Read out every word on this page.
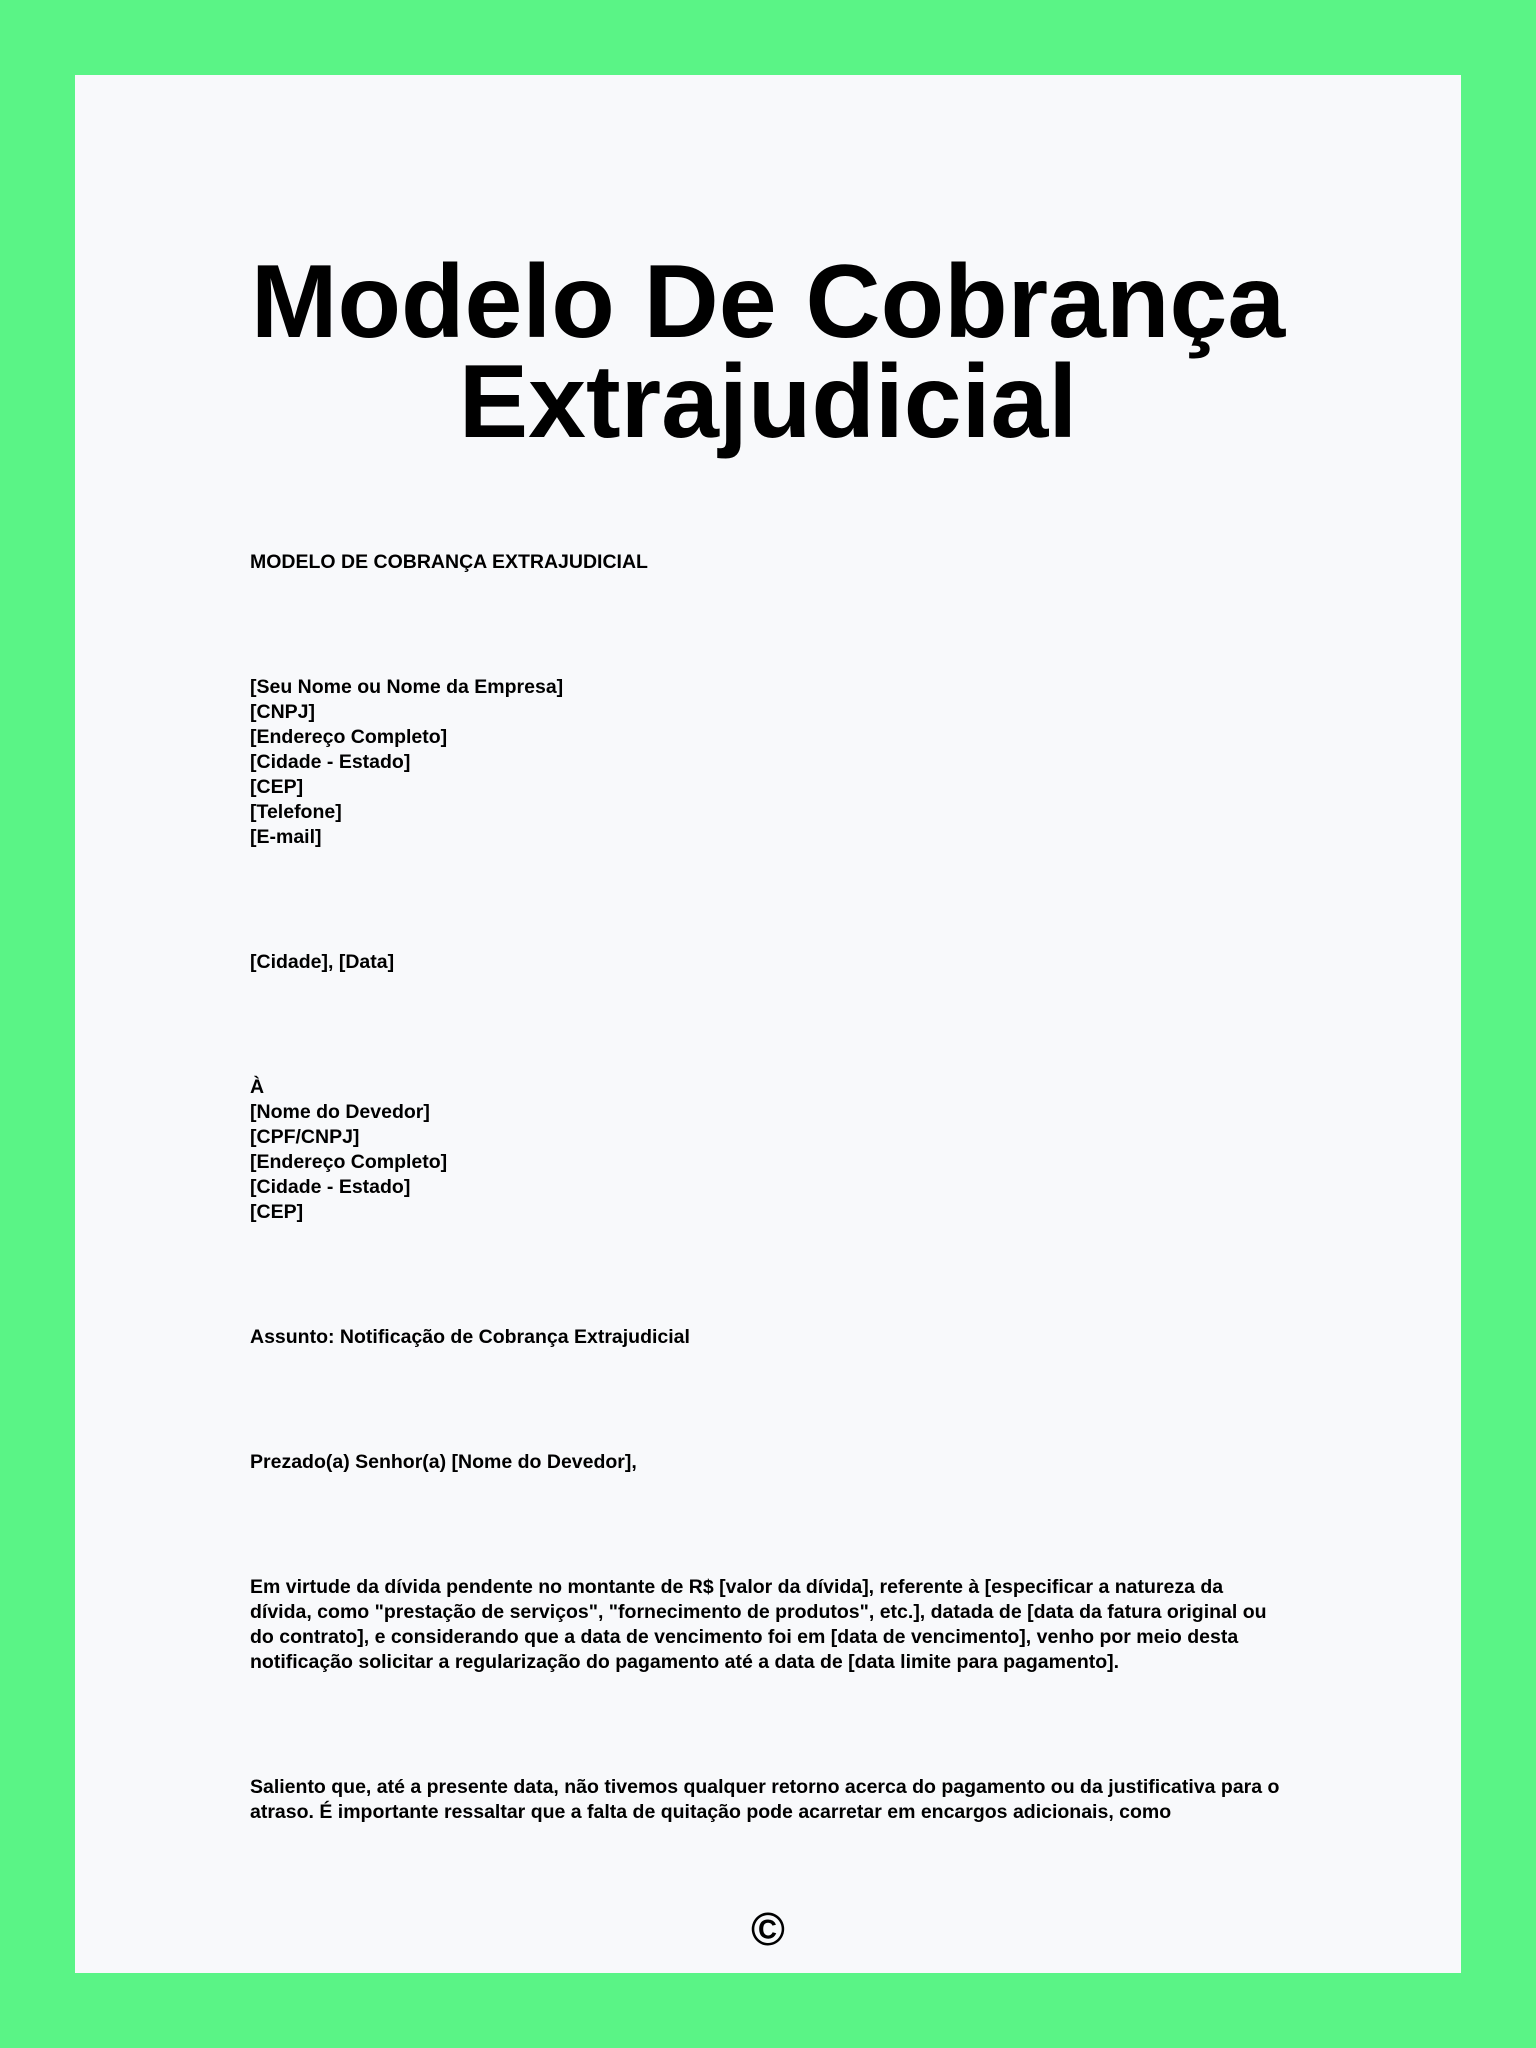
Modelo De Cobrança
Extrajudicial

MODELO DE COBRANÇA EXTRAJUDICIAL

[Seu Nome ou Nome da Empresa]
[CNPJ]
[Endereço Completo]
[Cidade - Estado]
[CEP]
[Telefone]
[E-mail]

[Cidade], [Data]

À
[Nome do Devedor]
[CPF/CNPJ]
[Endereço Completo]
[Cidade - Estado]
[CEP]

Assunto: Notificação de Cobrança Extrajudicial

Prezado(a) Senhor(a) [Nome do Devedor],

Em virtude da dívida pendente no montante de R$ [valor da dívida], referente à [especificar a natureza da dívida, como "prestação de serviços", "fornecimento de produtos", etc.], datada de [data da fatura original ou do contrato], e considerando que a data de vencimento foi em [data de vencimento], venho por meio desta notificação solicitar a regularização do pagamento até a data de [data limite para pagamento].

Saliento que, até a presente data, não tivemos qualquer retorno acerca do pagamento ou da justificativa para o atraso. É importante ressaltar que a falta de quitação pode acarretar em encargos adicionais, como

©
